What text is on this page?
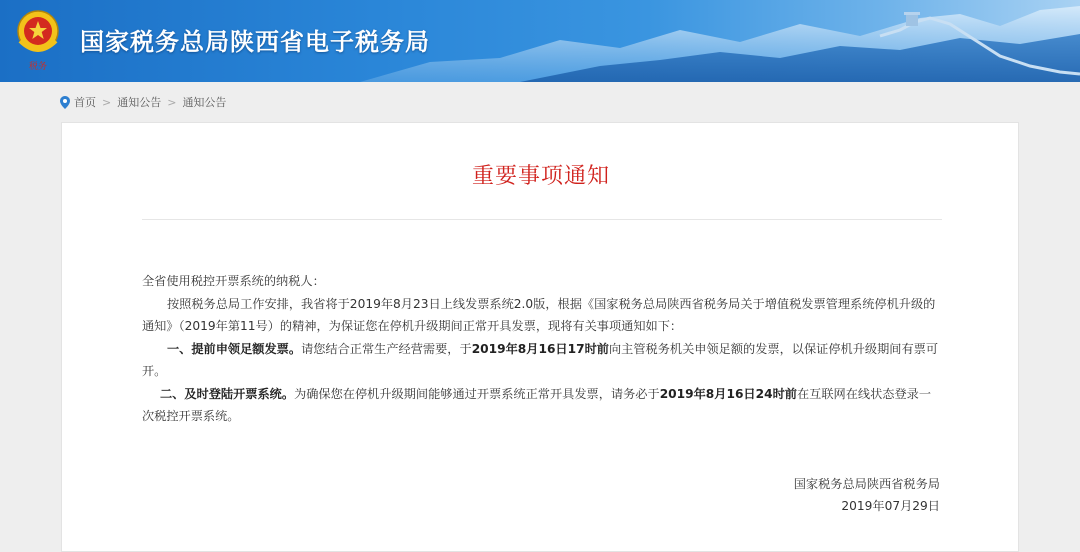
税务
国家税务总局陕西省电子税务局
首页 > 通知公告 > 通知公告
重要事项通知

全省使用税控开票系统的纳税人：

按照税务总局工作安排，我省将于2019年8月23日上线发票系统2.0版，根据《国家税务总局陕西省税务局关于增值税发票管理系统停机升级的通知》（2019年第11号）的精神，为保证您在停机升级期间正常开具发票，现将有关事项通知如下：

一、提前申领足额发票。请您结合正常生产经营需要，于2019年8月16日17时前向主管税务机关申领足额的发票，以保证停机升级期间有票可开。

二、及时登陆开票系统。为确保您在停机升级期间能够通过开票系统正常开具发票，请务必于2019年8月16日24时前在互联网在线状态登录一次税控开票系统。

国家税务总局陕西省税务局
2019年07月29日
